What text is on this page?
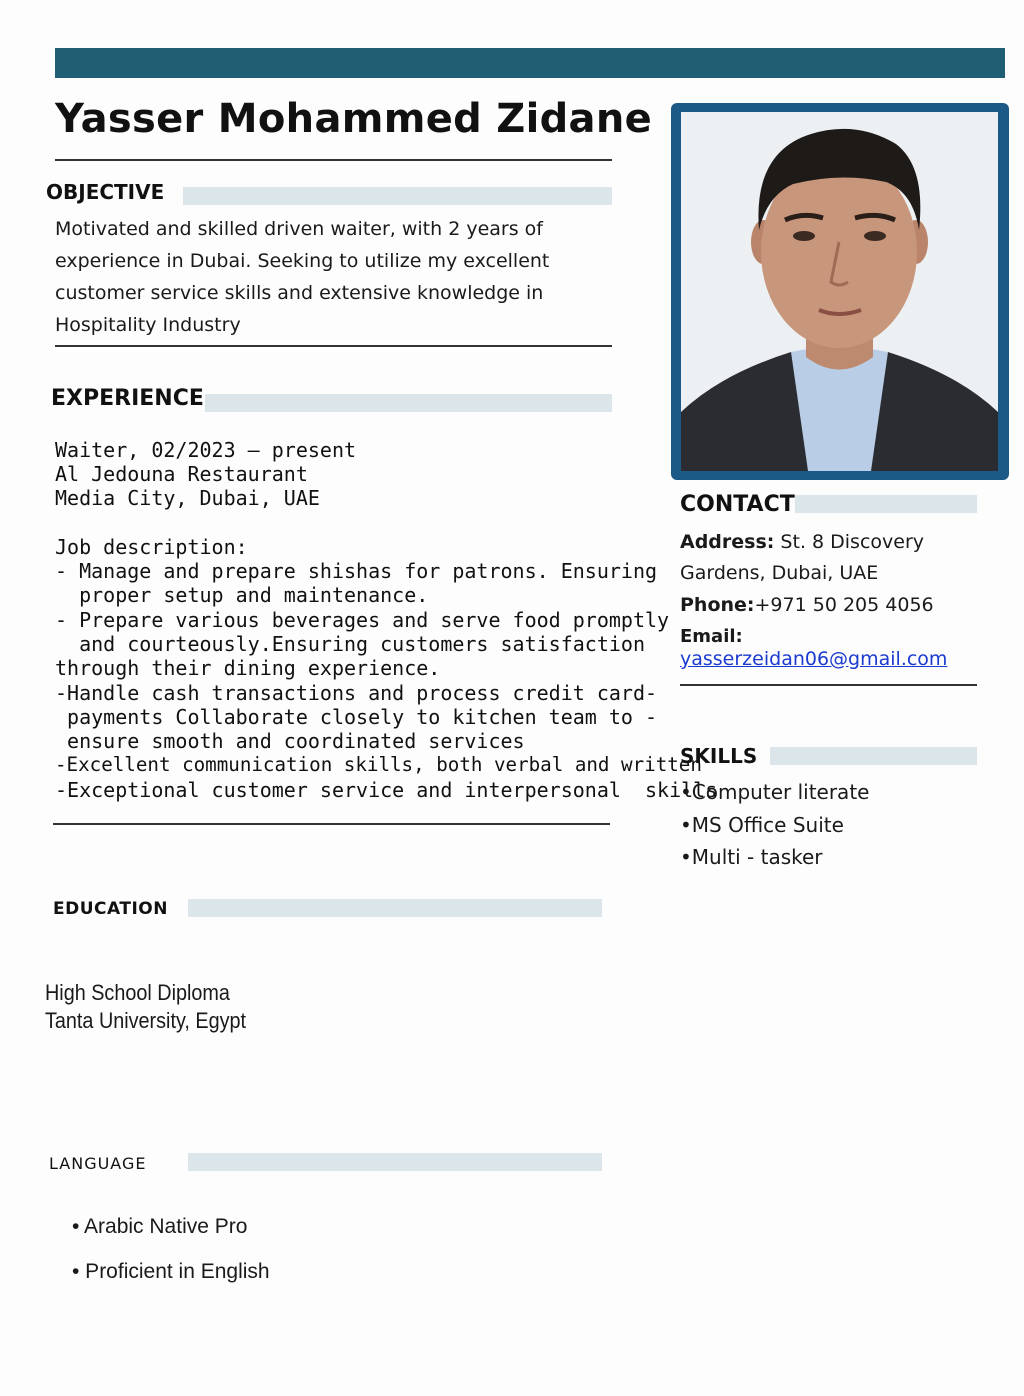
Yasser Mohammed Zidane
OBJECTIVE
Motivated and skilled driven waiter, with 2 years of experience in Dubai. Seeking to utilize my excellent customer service skills and extensive knowledge in Hospitality Industry
EXPERIENCE
Waiter, 02/2023 – present
Al Jedouna Restaurant
Media City, Dubai, UAE
Job description:
- Manage and prepare shishas for patrons. Ensuring
proper setup and maintenance.
- Prepare various beverages and serve food promptly
and courteously.Ensuring customers satisfaction
through their dining experience.
-Handle cash transactions and process credit card-
payments Collaborate closely to kitchen team to -
ensure smooth and coordinated services
-Excellent communication skills, both verbal and written
-Exceptional customer service and interpersonal  skills
EDUCATION
High School Diploma
Tanta University, Egypt
LANGUAGE
• Arabic Native Pro
• Proficient in English
CONTACT
Address: St. 8 Discovery
Gardens, Dubai, UAE
Phone:+971 50 205 4056
Email:
yasserzeidan06@gmail.com
SKILLS
•Computer literate
•MS Office Suite
•Multi - tasker
